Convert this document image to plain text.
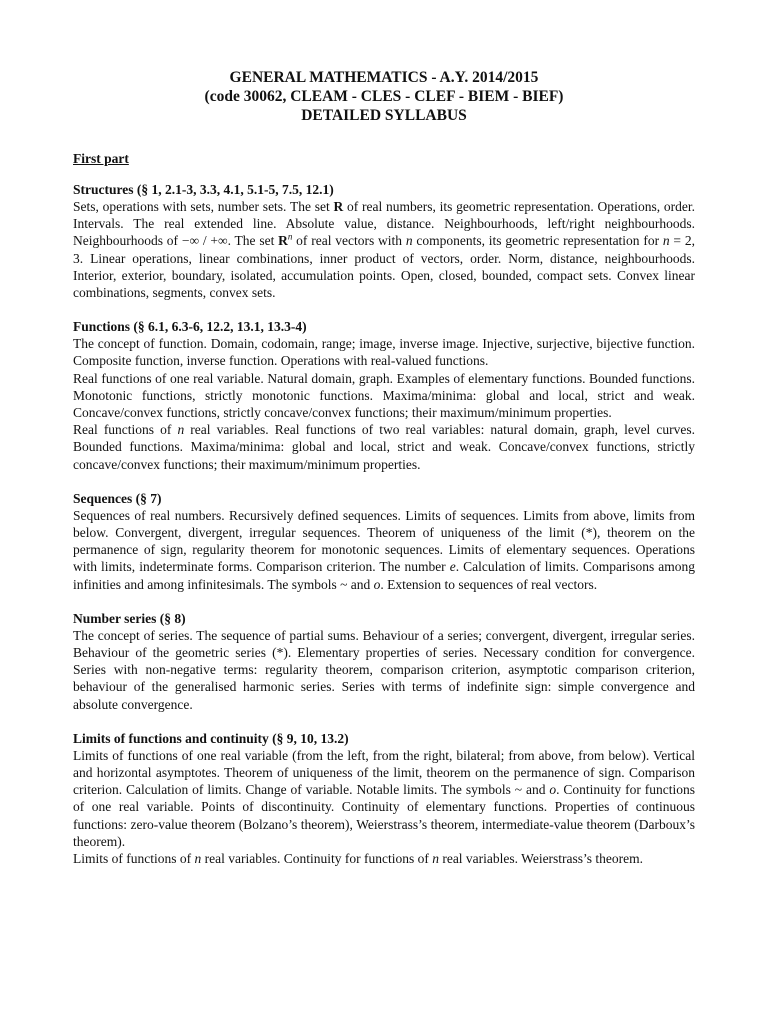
GENERAL MATHEMATICS - A.Y. 2014/2015
(code 30062, CLEAM - CLES - CLEF - BIEM - BIEF)
DETAILED SYLLABUS
First part
Structures (§ 1, 2.1-3, 3.3, 4.1, 5.1-5, 7.5, 12.1)

Sets, operations with sets, number sets. The set R of real numbers, its geometric representation. Operations, order. Intervals. The real extended line. Absolute value, distance. Neighbourhoods, left/right neighbourhoods. Neighbourhoods of −∞ / +∞. The set $R^n$ of real vectors with n components, its geometric representation for n = 2, 3. Linear operations, linear combinations, inner product of vectors, order. Norm, distance, neighbourhoods. Interior, exterior, boundary, isolated, accumulation points. Open, closed, bounded, compact sets. Convex linear combinations, segments, convex sets.

Functions (§ 6.1, 6.3-6, 12.2, 13.1, 13.3-4)

The concept of function. Domain, codomain, range; image, inverse image. Injective, surjective, bijective function. Composite function, inverse function. Operations with real-valued functions.

Real functions of one real variable. Natural domain, graph. Examples of elementary functions. Bounded functions. Monotonic functions, strictly monotonic functions. Maxima/minima: global and local, strict and weak. Concave/convex functions, strictly concave/convex functions; their maximum/minimum properties.

Real functions of n real variables. Real functions of two real variables: natural domain, graph, level curves. Bounded functions. Maxima/minima: global and local, strict and weak. Concave/convex functions, strictly concave/convex functions; their maximum/minimum properties.

Sequences (§ 7)

Sequences of real numbers. Recursively defined sequences. Limits of sequences. Limits from above, limits from below. Convergent, divergent, irregular sequences. Theorem of uniqueness of the limit (*), theorem on the permanence of sign, regularity theorem for monotonic sequences. Limits of elementary sequences. Operations with limits, indeterminate forms. Comparison criterion. The number e. Calculation of limits. Comparisons among infinities and among infinitesimals. The symbols ~ and o. Extension to sequences of real vectors.

Number series (§ 8)

The concept of series. The sequence of partial sums. Behaviour of a series; convergent, divergent, irregular series. Behaviour of the geometric series (*). Elementary properties of series. Necessary condition for convergence. Series with non-negative terms: regularity theorem, comparison criterion, asymptotic comparison criterion, behaviour of the generalised harmonic series. Series with terms of indefinite sign: simple convergence and absolute convergence.

Limits of functions and continuity (§ 9, 10, 13.2)

Limits of functions of one real variable (from the left, from the right, bilateral; from above, from below). Vertical and horizontal asymptotes. Theorem of uniqueness of the limit, theorem on the permanence of sign. Comparison criterion. Calculation of limits. Change of variable. Notable limits. The symbols ~ and o. Continuity for functions of one real variable. Points of discontinuity. Continuity of elementary functions. Properties of continuous functions: zero-value theorem (Bolzano’s theorem), Weierstrass’s theorem, intermediate-value theorem (Darboux’s theorem).

Limits of functions of n real variables. Continuity for functions of n real variables. Weierstrass’s theorem.
